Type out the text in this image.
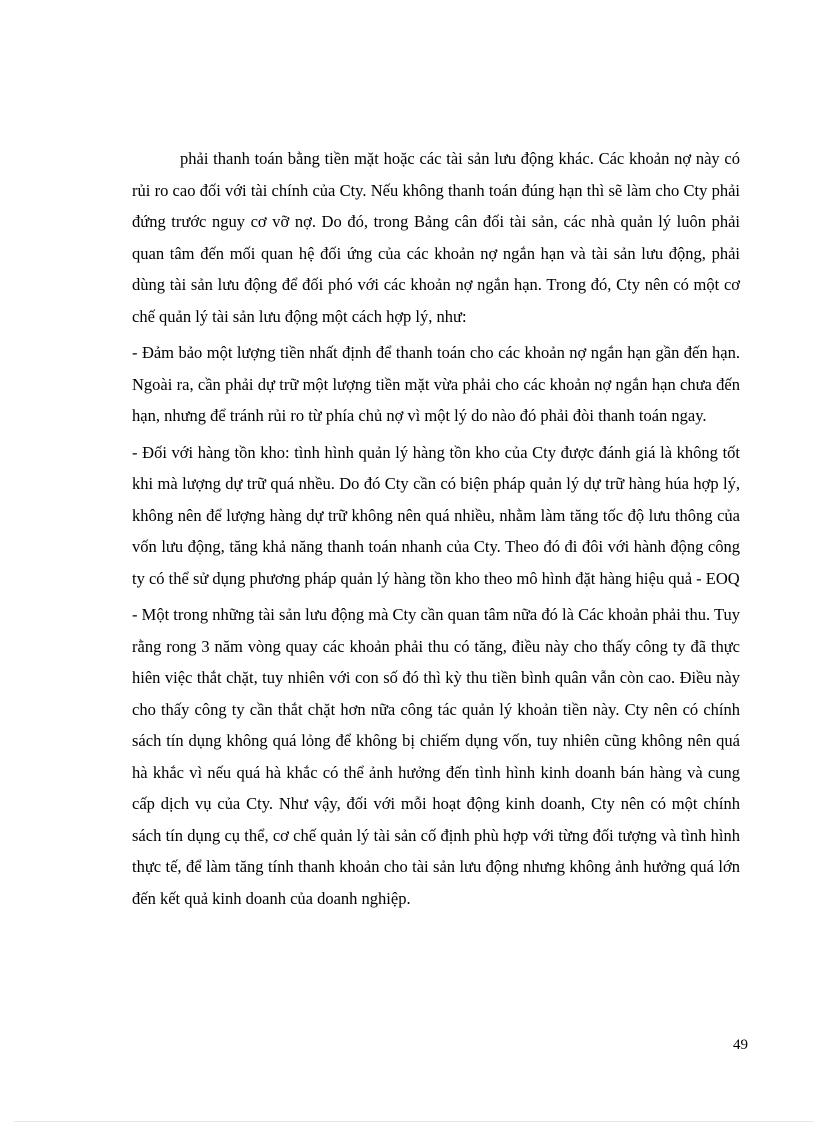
phải thanh toán bằng tiền mặt hoặc các tài sản lưu động khác. Các khoản nợ này có rủi ro cao đối với tài chính của Cty. Nếu không thanh toán đúng hạn thì sẽ làm cho Cty phải đứng trước nguy cơ vỡ nợ. Do đó, trong Bảng cân đối tài sản, các nhà quản lý luôn phải quan tâm đến mối quan hệ đối ứng của các khoản nợ ngắn hạn và tài sản lưu động, phải dùng tài sản lưu động để đối phó với các khoản nợ ngắn hạn. Trong đó, Cty nên có một cơ chế quản lý tài sản lưu động một cách hợp lý, như:

- Đảm bảo một lượng tiền nhất định để thanh toán cho các khoản nợ ngắn hạn gần đến hạn. Ngoài ra, cần phải dự trữ một lượng tiền mặt vừa phải cho các khoản nợ ngắn hạn chưa đến hạn, nhưng để tránh rủi ro từ phía chủ nợ vì một lý do nào đó phải đòi thanh toán ngay.

- Đối với hàng tồn kho: tình hình quản lý hàng tồn kho của Cty được đánh giá là không tốt khi mà lượng dự trữ quá nhều. Do đó Cty cần có biện pháp quản lý dự trữ hàng húa hợp lý, không nên để lượng hàng dự trữ không nên quá nhiều, nhằm làm tăng tốc độ lưu thông của vốn lưu động, tăng khả năng thanh toán nhanh của Cty. Theo đó đi đôi với hành động công ty có thể sử dụng phương pháp quản lý hàng tồn kho theo mô hình đặt hàng hiệu quả - EOQ

- Một trong những tài sản lưu động mà Cty cần quan tâm nữa đó là Các khoản phải thu. Tuy rằng rong 3 năm vòng quay các khoản phải thu có tăng, điều này cho thấy công ty đã thực hiên việc thắt chặt, tuy nhiên với con số đó thì kỳ thu tiền bình quân vẫn còn cao. Điều này cho thấy công ty cần thắt chặt hơn nữa công tác quản lý khoản tiền này. Cty nên có chính sách tín dụng không quá lỏng để không bị chiếm dụng vốn, tuy nhiên cũng không nên quá hà khắc vì nếu quá hà khắc có thể ảnh hưởng đến tình hình kinh doanh bán hàng và cung cấp dịch vụ của Cty. Như vậy, đối với mỗi hoạt động kinh doanh, Cty nên có một chính sách tín dụng cụ thể, cơ chế quản lý tài sản cố định phù hợp với từng đối tượng và tình hình thực tế, để làm tăng tính thanh khoản cho tài sản lưu động nhưng không ảnh hưởng quá lớn đến kết quả kinh doanh của doanh nghiệp.

49
